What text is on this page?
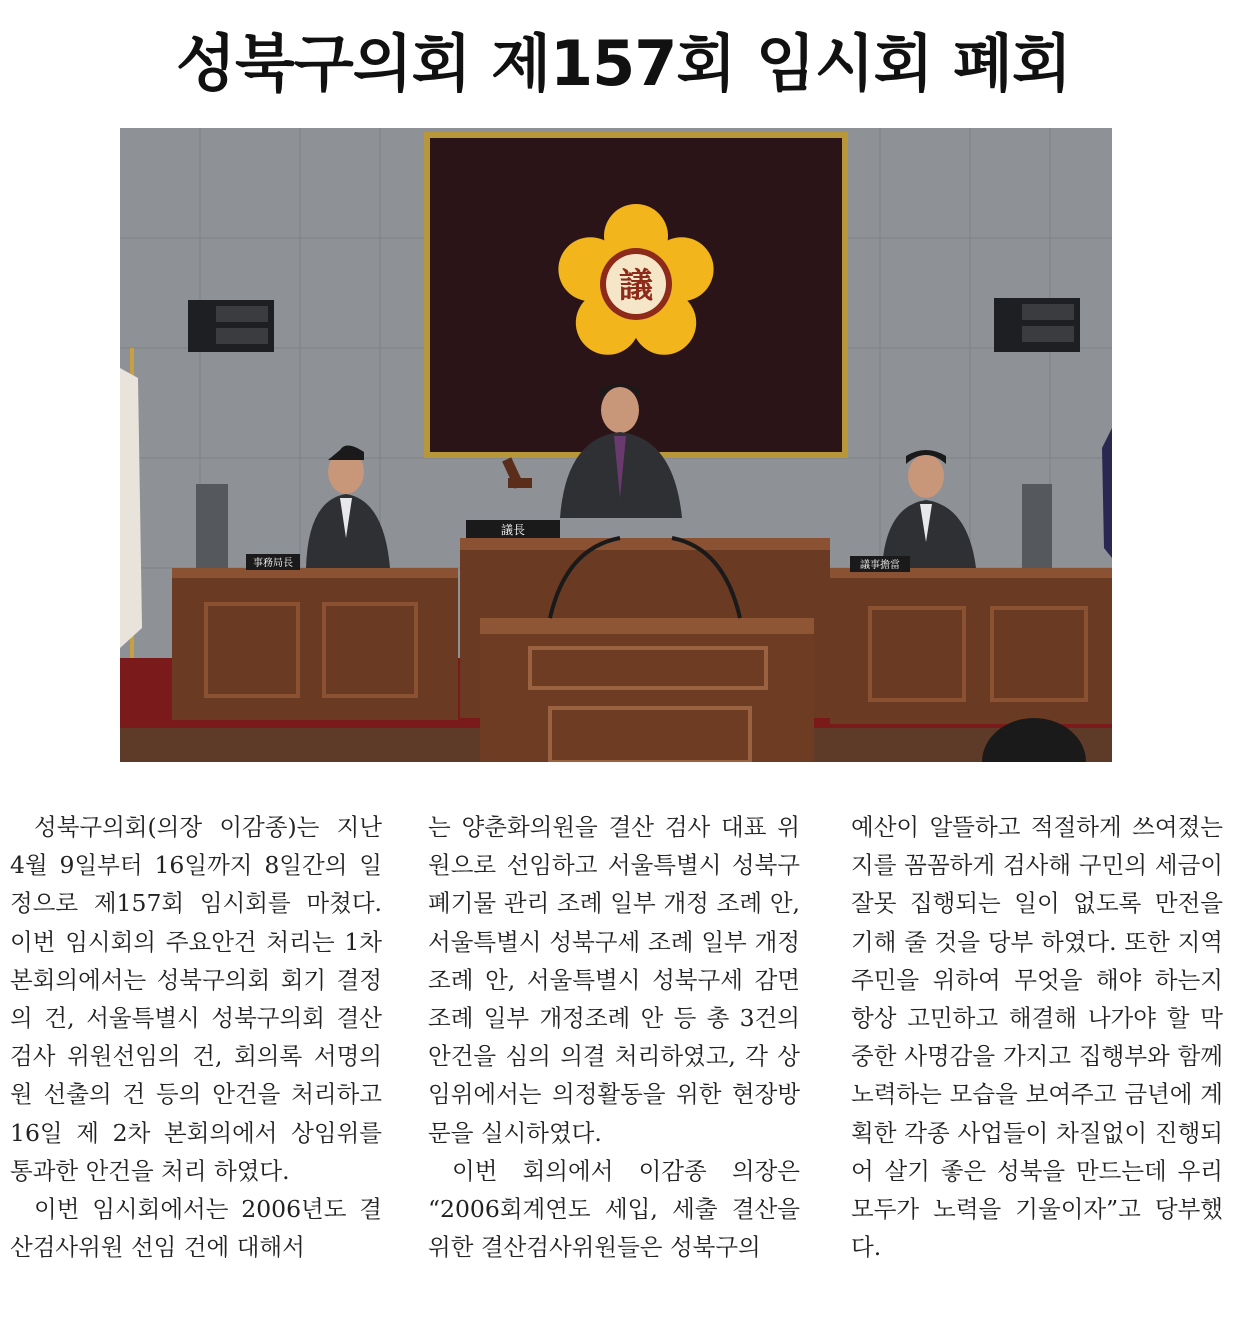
성북구의회 제157회 임시회 폐회
議
事務局長
議長
議事擔當

성북구의회(의장 이감종)는 지난 4월 9일부터 16일까지 8일간의 일정으로 제157회 임시회를 마쳤다. 이번 임시회의 주요안건 처리는 1차 본회의에서는 성북구의회 회기 결정의 건, 서울특별시 성북구의회 결산검사 위원선임의 건, 회의록 서명의원 선출의 건 등의 안건을 처리하고 16일 제 2차 본회의에서 상임위를 통과한 안건을 처리 하였다.

이번 임시회에서는 2006년도 결산검사위원 선임 건에 대해서

는 양춘화의원을 결산 검사 대표 위원으로 선임하고 서울특별시 성북구 폐기물 관리 조례 일부 개정 조례 안, 서울특별시 성북구세 조례 일부 개정조례 안, 서울특별시 성북구세 감면 조례 일부 개정조례 안 등 총 3건의 안건을 심의 의결 처리하였고, 각 상임위에서는 의정활동을 위한 현장방문을 실시하였다.

이번 회의에서 이감종 의장은 “2006회계연도 세입, 세출 결산을 위한 결산검사위원들은 성북구의

예산이 알뜰하고 적절하게 쓰여졌는지를 꼼꼼하게 검사해 구민의 세금이 잘못 집행되는 일이 없도록 만전을 기해 줄 것을 당부 하였다. 또한 지역주민을 위하여 무엇을 해야 하는지 항상 고민하고 해결해 나가야 할 막중한 사명감을 가지고 집행부와 함께 노력하는 모습을 보여주고 금년에 계획한 각종 사업들이 차질없이 진행되어 살기 좋은 성북을 만드는데 우리 모두가 노력을 기울이자”고 당부했다.
